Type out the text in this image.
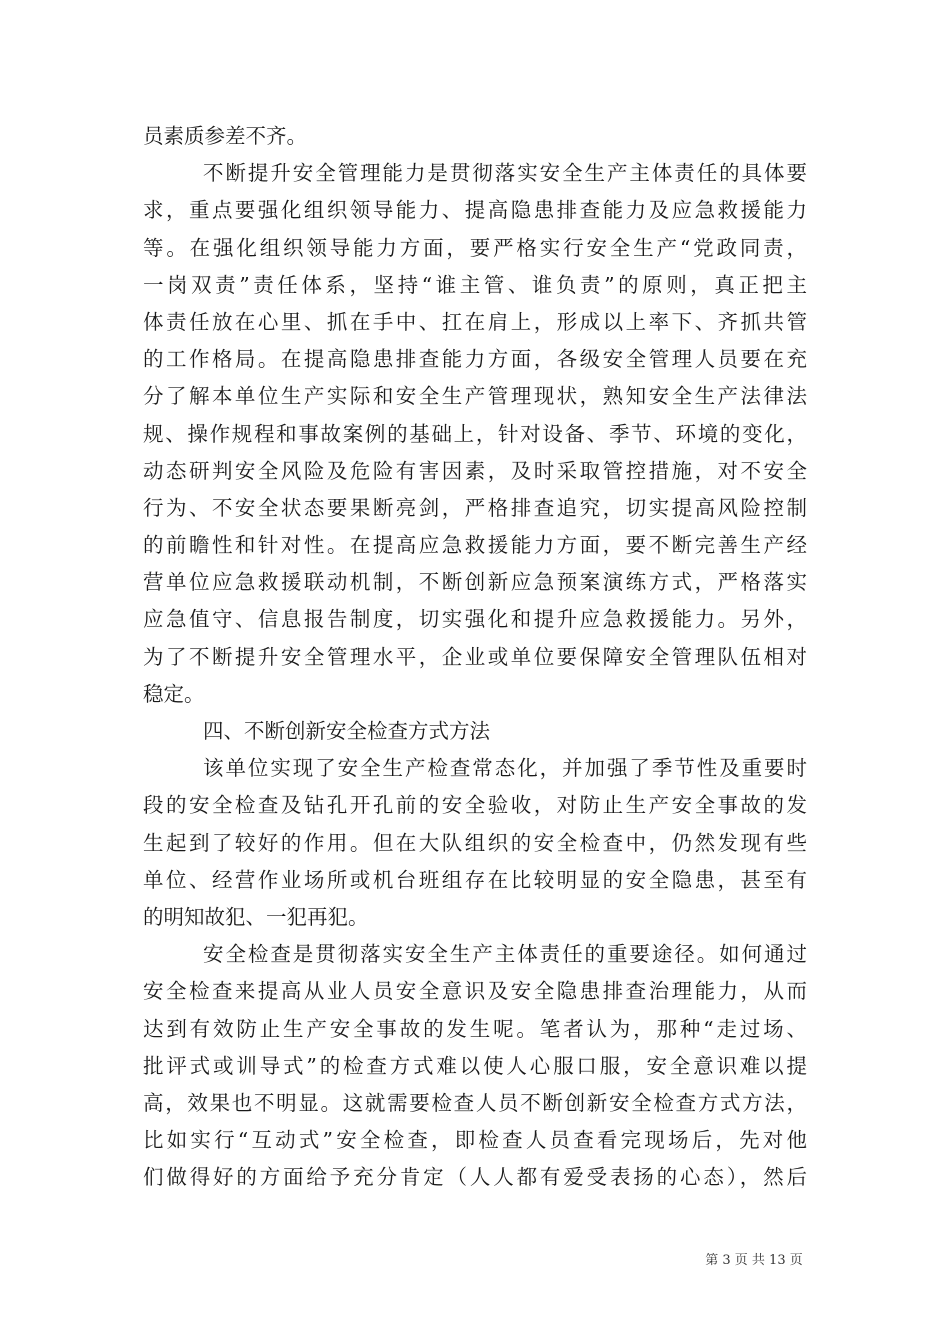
员素质参差不齐。
不断提升安全管理能力是贯彻落实安全生产主体责任的具体要
求，重点要强化组织领导能力、提高隐患排查能力及应急救援能力
等。在强化组织领导能力方面，要严格实行安全生产“党政同责，
一岗双责”责任体系，坚持“谁主管、谁负责”的原则，真正把主
体责任放在心里、抓在手中、扛在肩上，形成以上率下、齐抓共管
的工作格局。在提高隐患排查能力方面，各级安全管理人员要在充
分了解本单位生产实际和安全生产管理现状，熟知安全生产法律法
规、操作规程和事故案例的基础上，针对设备、季节、环境的变化，
动态研判安全风险及危险有害因素，及时采取管控措施，对不安全
行为、不安全状态要果断亮剑，严格排查追究，切实提高风险控制
的前瞻性和针对性。在提高应急救援能力方面，要不断完善生产经
营单位应急救援联动机制，不断创新应急预案演练方式，严格落实
应急值守、信息报告制度，切实强化和提升应急救援能力。另外，
为了不断提升安全管理水平，企业或单位要保障安全管理队伍相对
稳定。
四、不断创新安全检查方式方法
该单位实现了安全生产检查常态化，并加强了季节性及重要时
段的安全检查及钻孔开孔前的安全验收，对防止生产安全事故的发
生起到了较好的作用。但在大队组织的安全检查中，仍然发现有些
单位、经营作业场所或机台班组存在比较明显的安全隐患，甚至有
的明知故犯、一犯再犯。
安全检查是贯彻落实安全生产主体责任的重要途径。如何通过
安全检查来提高从业人员安全意识及安全隐患排查治理能力，从而
达到有效防止生产安全事故的发生呢。笔者认为，那种“走过场、
批评式或训导式”的检查方式难以使人心服口服，安全意识难以提
高，效果也不明显。这就需要检查人员不断创新安全检查方式方法，
比如实行“互动式”安全检查，即检查人员查看完现场后，先对他
们做得好的方面给予充分肯定（人人都有爱受表扬的心态），然后
第 3 页 共 13 页
